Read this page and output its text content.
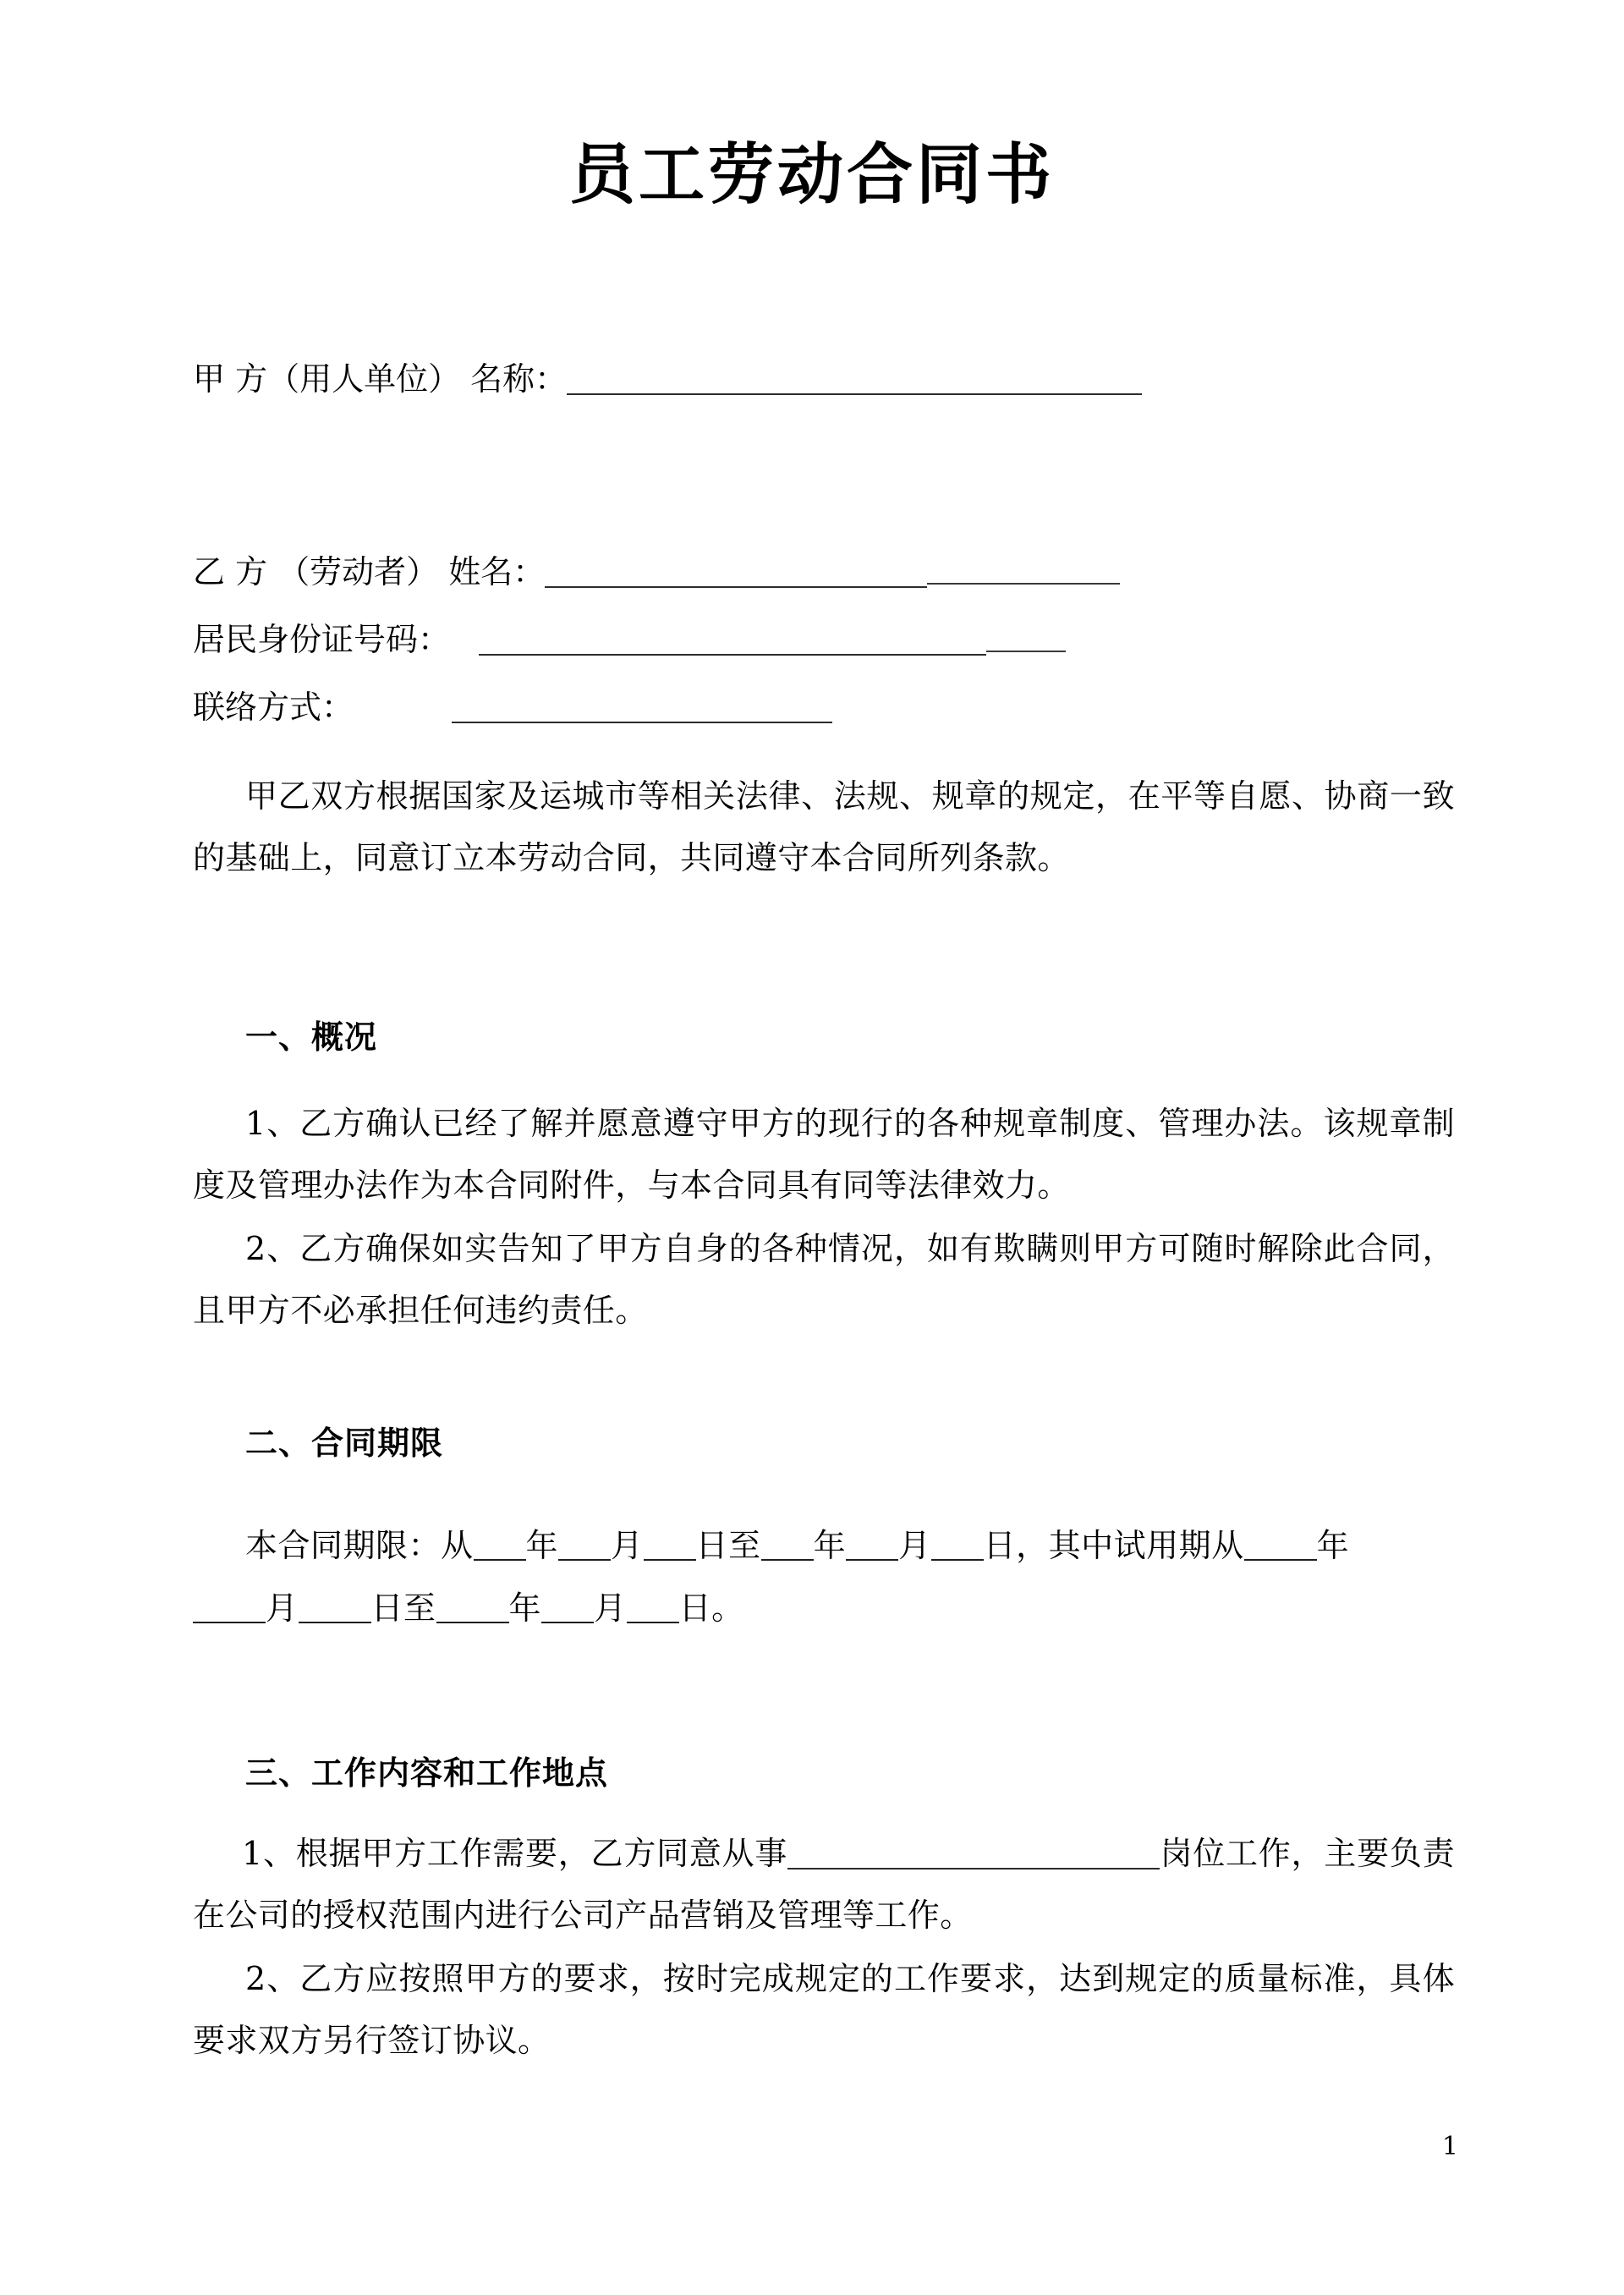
员工劳动合同书
甲 方（用人单位） 名称：
乙 方 （劳动者） 姓名：
居民身份证号码：
联络方式：
甲乙双方根据国家及运城市等相关法律、法规、规章的规定，在平等自愿、协商一致的基础上，同意订立本劳动合同，共同遵守本合同所列条款。
一、概况
1、乙方确认已经了解并愿意遵守甲方的现行的各种规章制度、管理办法。该规章制度及管理办法作为本合同附件，与本合同具有同等法律效力。
2、乙方确保如实告知了甲方自身的各种情况，如有欺瞒则甲方可随时解除此合同，且甲方不必承担任何违约责任。
二、合同期限
本合同期限：从 年 月 日至 年 月 日，其中试用期从 年
月 日至 年 月 日。
三、工作内容和工作地点
1、根据甲方工作需要，乙方同意从事	岗位工作，主要负责在公司的授权范围内进行公司产品营销及管理等工作。
2、乙方应按照甲方的要求，按时完成规定的工作要求，达到规定的质量标准，具体要求双方另行签订协议。
1
